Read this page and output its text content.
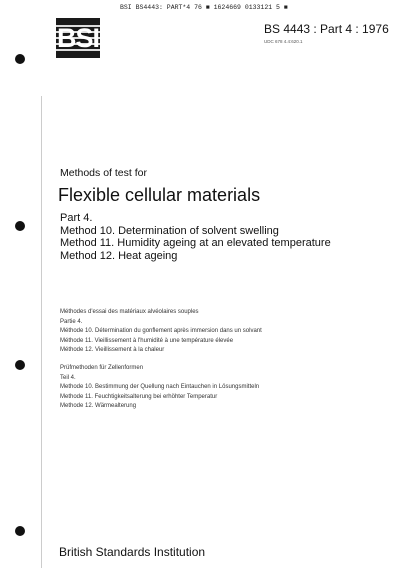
BSI BS4443: PART*4 76 ■ 1624669 0133121 5 ■
BSI	BS 4443 : Part 4 : 1976
UDC 678 4.4:620.1
Methods of test for
Flexible cellular materials
Part 4.
Method 10. Determination of solvent swelling
Method 11. Humidity ageing at an elevated temperature
Method 12. Heat ageing
Méthodes d'essai des matériaux alvéolaires souples
Partie 4.
Méthode 10. Détermination du gonflement après immersion dans un solvant
Méthode 11. Vieillissement à l'humidité à une température élevée
Méthode 12. Vieillissement à la chaleur
Prüfmethoden für Zellenformen
Teil 4.
Methode 10. Bestimmung der Quellung nach Eintauchen in Lösungsmitteln
Methode 11. Feuchtigkeitsalterung bei erhöhter Temperatur
Methode 12. Wärmealterung
British Standards Institution
